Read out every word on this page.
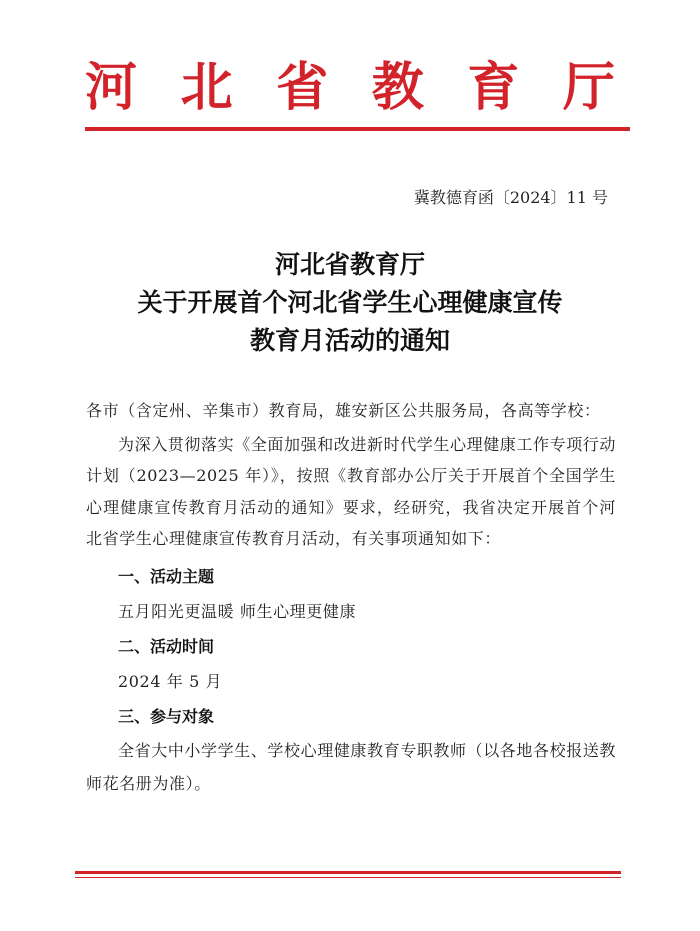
河 北 省 教 育 厅
冀教德育函〔2024〕11 号
河北省教育厅
关于开展首个河北省学生心理健康宣传
教育月活动的通知

各市（含定州、辛集市）教育局，雄安新区公共服务局，各高等学校：

为深入贯彻落实《全面加强和改进新时代学生心理健康工作专项行动计划（2023—2025 年）》，按照《教育部办公厅关于开展首个全国学生心理健康宣传教育月活动的通知》要求，经研究，我省决定开展首个河北省学生心理健康宣传教育月活动，有关事项通知如下：

一、活动主题

五月阳光更温暖 师生心理更健康

二、活动时间

2024 年 5 月

三、参与对象

全省大中小学学生、学校心理健康教育专职教师（以各地各校报送教师花名册为准）。
